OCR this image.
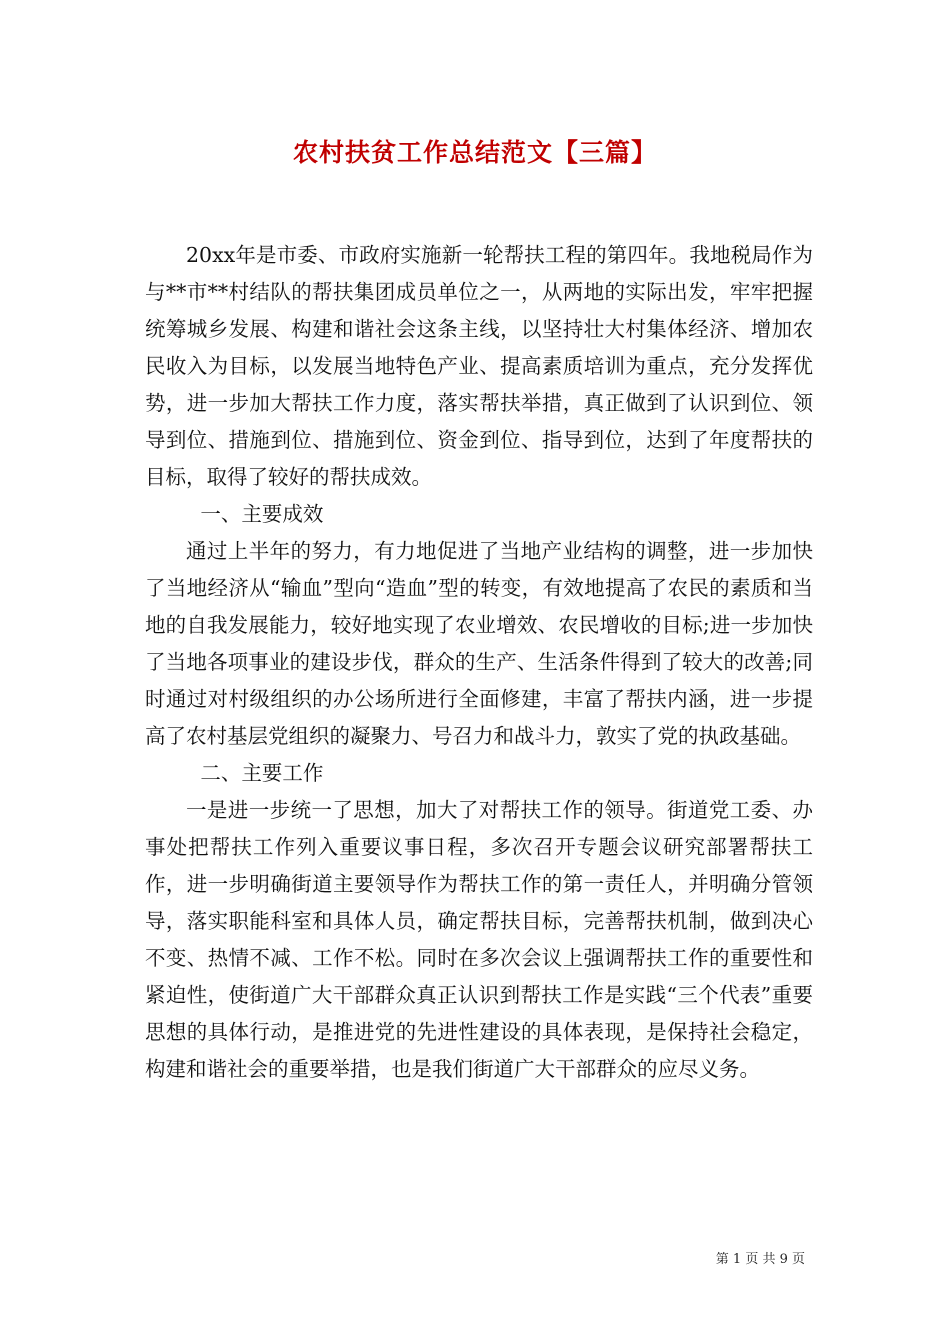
农村扶贫工作总结范文【三篇】

20xx年是市委、市政府实施新一轮帮扶工程的第四年。我地税局作为与**市**村结队的帮扶集团成员单位之一，从两地的实际出发，牢牢把握统筹城乡发展、构建和谐社会这条主线，以坚持壮大村集体经济、增加农民收入为目标，以发展当地特色产业、提高素质培训为重点，充分发挥优势，进一步加大帮扶工作力度，落实帮扶举措，真正做到了认识到位、领导到位、措施到位、措施到位、资金到位、指导到位，达到了年度帮扶的目标，取得了较好的帮扶成效。

一、主要成效

通过上半年的努力，有力地促进了当地产业结构的调整，进一步加快了当地经济从“输血”型向“造血”型的转变，有效地提高了农民的素质和当地的自我发展能力，较好地实现了农业增效、农民增收的目标;进一步加快了当地各项事业的建设步伐，群众的生产、生活条件得到了较大的改善;同时通过对村级组织的办公场所进行全面修建，丰富了帮扶内涵，进一步提高了农村基层党组织的凝聚力、号召力和战斗力，敦实了党的执政基础。

二、主要工作

一是进一步统一了思想，加大了对帮扶工作的领导。街道党工委、办事处把帮扶工作列入重要议事日程，多次召开专题会议研究部署帮扶工作，进一步明确街道主要领导作为帮扶工作的第一责任人，并明确分管领导，落实职能科室和具体人员，确定帮扶目标，完善帮扶机制，做到决心不变、热情不减、工作不松。同时在多次会议上强调帮扶工作的重要性和紧迫性，使街道广大干部群众真正认识到帮扶工作是实践“三个代表”重要思想的具体行动，是推进党的先进性建设的具体表现，是保持社会稳定，构建和谐社会的重要举措，也是我们街道广大干部群众的应尽义务。

第 1 页 共 9 页
